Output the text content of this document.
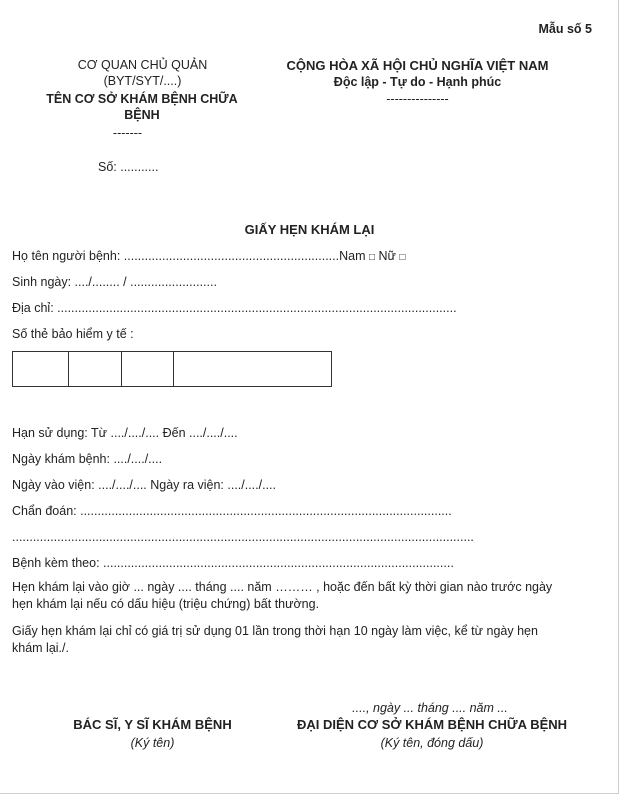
Mẫu số 5
CƠ QUAN CHỦ QUẢN
(BYT/SYT/....)
TÊN CƠ SỞ KHÁM BỆNH CHỮA
BỆNH
-------
Số: ...........
CỘNG HÒA XÃ HỘI CHỦ NGHĨA VIỆT NAM
Độc lập - Tự do - Hạnh phúc
---------------
GIẤY HẸN KHÁM LẠI
Họ tên người bệnh: ..............................................................Nam □ Nữ □
Sinh ngày: ..../........ / .........................
Địa chỉ: ...................................................................................................................
Số thẻ bảo hiểm y tế :
Hạn sử dụng: Từ ..../..../.... Đến ..../..../....
Ngày khám bệnh: ..../..../....
Ngày vào viện: ..../..../.... Ngày ra viện: ..../..../....
Chẩn đoán: ...........................................................................................................
.....................................................................................................................................
Bệnh kèm theo: .....................................................................................................
Hẹn khám lại vào giờ ... ngày .... tháng .... năm ……… , hoặc đến bất kỳ thời gian nào trước ngày
hẹn khám lại nếu có dấu hiệu (triệu chứng) bất thường.
Giấy hẹn khám lại chỉ có giá trị sử dụng 01 lần trong thời hạn 10 ngày làm việc, kể từ ngày hẹn
khám lại./.
...., ngày ... tháng .... năm ...
BÁC SĨ, Y SĨ KHÁM BỆNH
(Ký tên)
ĐẠI DIỆN CƠ SỞ KHÁM BỆNH CHỮA BỆNH
(Ký tên, đóng dấu)
